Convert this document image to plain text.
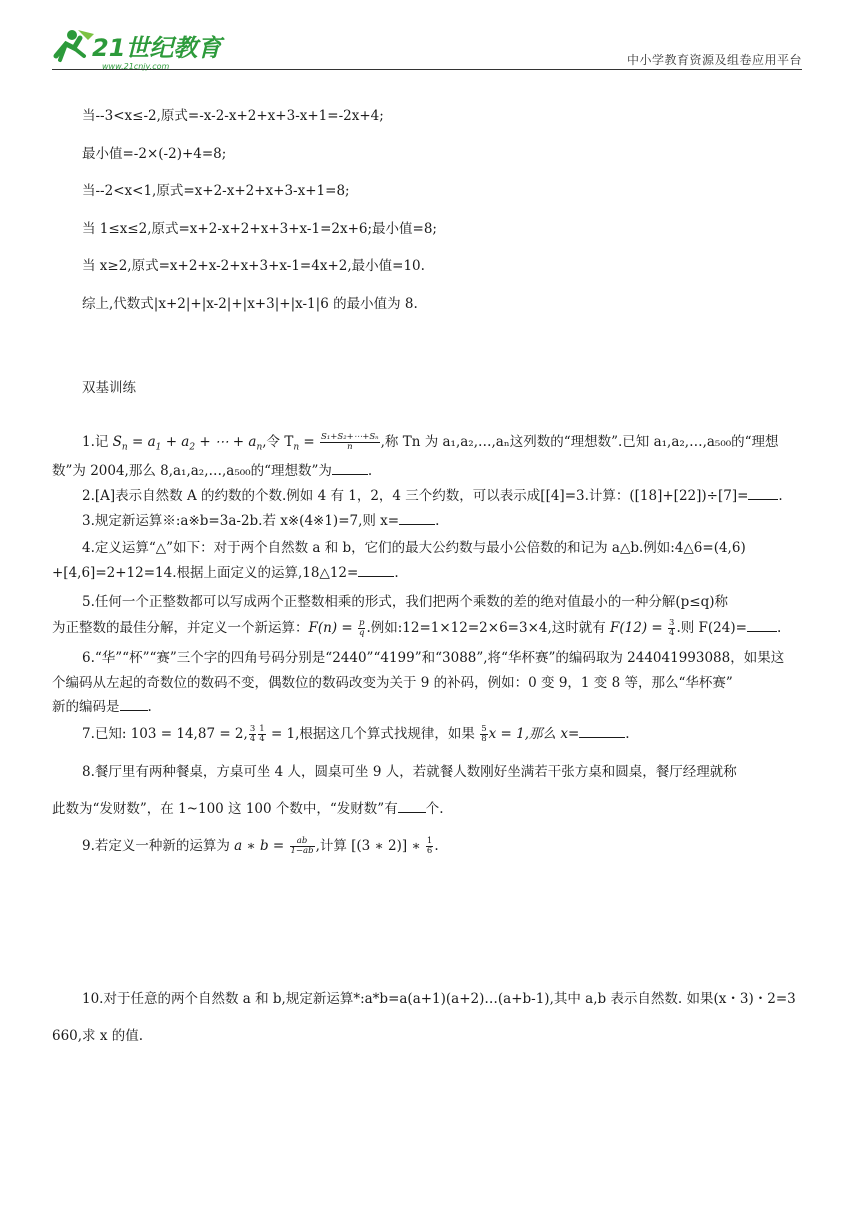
21世纪教育
www.21cnjy.com	中小学教育资源及组卷应用平台
当--3<x≤-2,原式=-x-2-x+2+x+3-x+1=-2x+4;
最小值=-2×(-2)+4=8;
当--2<x<1,原式=x+2-x+2+x+3-x+1=8;
当 1≤x≤2,原式=x+2-x+2+x+3+x-1=2x+6;最小值=8;
当 x≥2,原式=x+2+x-2+x+3+x-1=4x+2,最小值=10.
综上,代数式|x+2|+|x-2|+|x+3|+|x-1|6 的最小值为 8.
双基训练
1.记 $S_n = a_1 + a_2$ + ⋯ + $a_n$,令 $T_n = \frac{\text{S₁+S₂+⋯+Sₙ}}{n}$ ,称 Tn 为 a₁,a₂,…,aₙ这列数的“理想数”.已知 a₁,a₂,…,a₅₀₀的“理想
数”为 2004,那么 8,a₁,a₂,…,a₅₀₀的“理想数”为	.
2.[A]表示自然数 A 的约数的个数.例如 4 有 1，2，4 三个约数，可以表示成[[4]=3.计算：([18]+[22])÷[7]= .
3.规定新运算※:a※b=3a-2b.若 x※(4※1)=7,则 x=	.
4.定义运算“△”如下：对于两个自然数 a 和 b，它们的最大公约数与最小公倍数的和记为 a△b.例如:4△6=(4,6)
+[4,6]=2+12=14.根据上面定义的运算,18△12=	.
5.任何一个正整数都可以写成两个正整数相乘的形式，我们把两个乘数的差的绝对值最小的一种分解(p≤q)称
为正整数的最佳分解，并定义一个新运算：$F(n) = \frac{p}{q}$ .例如:12=1×12=2×6=3×4,这时就有 $F(12) = \frac{3}{4}$ .则 F(24)= .
6.“华”“杯”“赛”三个字的四角号码分别是“2440”“4199”和“3088”,将“华杯赛”的编码取为 244041993088，如果这
个编码从左起的奇数位的数码不变，偶数位的数码改变为关于 9 的补码，例如：0 变 9，1 变 8 等，那么“华杯赛”
新的编码是 .
7.已知: 103 = 14,87 = 2, $\frac{3}{4} \frac{1}{4} = 1$,根据这几个算式找规律，如果 $\frac{5}{8}$ x = 1,那么 x=	.
8.餐厅里有两种餐桌，方桌可坐 4 人，圆桌可坐 9 人，若就餐人数刚好坐满若干张方桌和圆桌，餐厅经理就称
此数为“发财数”，在 1~100 这 100 个数中，“发财数”有 个.
9.若定义一种新的运算为 a ∗ $b = \frac{ab}{1-ab}$ ,计算 [(3 ∗ 2)] ∗ $\frac{1}{6}$ .
10.对于任意的两个自然数 a 和 b,规定新运算*:a*b=a(a+1)(a+2)…(a+b-1),其中 a,b 表示自然数. 如果(x・3)・2=3
660,求 x 的值.
